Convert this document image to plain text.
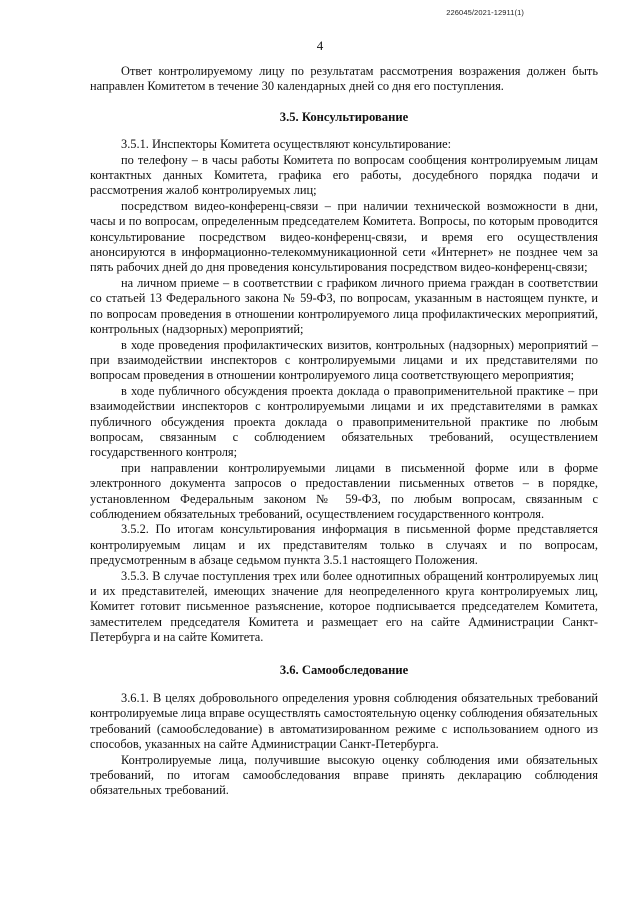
226045/2021-12911(1)
4

Ответ контролируемому лицу по результатам рассмотрения возражения должен быть направлен Комитетом в течение 30 календарных дней со дня его поступления.

3.5. Консультирование

3.5.1. Инспекторы Комитета осуществляют консультирование:

по телефону – в часы работы Комитета по вопросам сообщения контролируемым лицам контактных данных Комитета, графика его работы, досудебного порядка подачи и рассмотрения жалоб контролируемых лиц;

посредством видео-конференц-связи – при наличии технической возможности в дни, часы и по вопросам, определенным председателем Комитета. Вопросы, по которым проводится консультирование посредством видео-конференц-связи, и время его осуществления анонсируются в информационно-телекоммуникационной сети «Интернет» не позднее чем за пять рабочих дней до дня проведения консультирования посредством видео-конференц-связи;

на личном приеме – в соответствии с графиком личного приема граждан в соответствии со статьей 13 Федерального закона № 59-ФЗ, по вопросам, указанным в настоящем пункте, и по вопросам проведения в отношении контролируемого лица профилактических мероприятий, контрольных (надзорных) мероприятий;

в ходе проведения профилактических визитов, контрольных (надзорных) мероприятий – при взаимодействии инспекторов с контролируемыми лицами и их представителями по вопросам проведения в отношении контролируемого лица соответствующего мероприятия;

в ходе публичного обсуждения проекта доклада о правоприменительной практике – при взаимодействии инспекторов с контролируемыми лицами и их представителями в рамках публичного обсуждения проекта доклада о правоприменительной практике по любым вопросам, связанным с соблюдением обязательных требований, осуществлением государственного контроля;

при направлении контролируемыми лицами в письменной форме или в форме электронного документа запросов о предоставлении письменных ответов – в порядке, установленном Федеральным законом № 59-ФЗ, по любым вопросам, связанным с соблюдением обязательных требований, осуществлением государственного контроля.

3.5.2. По итогам консультирования информация в письменной форме представляется контролируемым лицам и их представителям только в случаях и по вопросам, предусмотренным в абзаце седьмом пункта 3.5.1 настоящего Положения.

3.5.3. В случае поступления трех или более однотипных обращений контролируемых лиц и их представителей, имеющих значение для неопределенного круга контролируемых лиц, Комитет готовит письменное разъяснение, которое подписывается председателем Комитета, заместителем председателя Комитета и размещает его на сайте Администрации Санкт-Петербурга и на сайте Комитета.

3.6. Самообследование

3.6.1. В целях добровольного определения уровня соблюдения обязательных требований контролируемые лица вправе осуществлять самостоятельную оценку соблюдения обязательных требований (самообследование) в автоматизированном режиме с использованием одного из способов, указанных на сайте Администрации Санкт-Петербурга.

Контролируемые лица, получившие высокую оценку соблюдения ими обязательных требований, по итогам самообследования вправе принять декларацию соблюдения обязательных требований.
